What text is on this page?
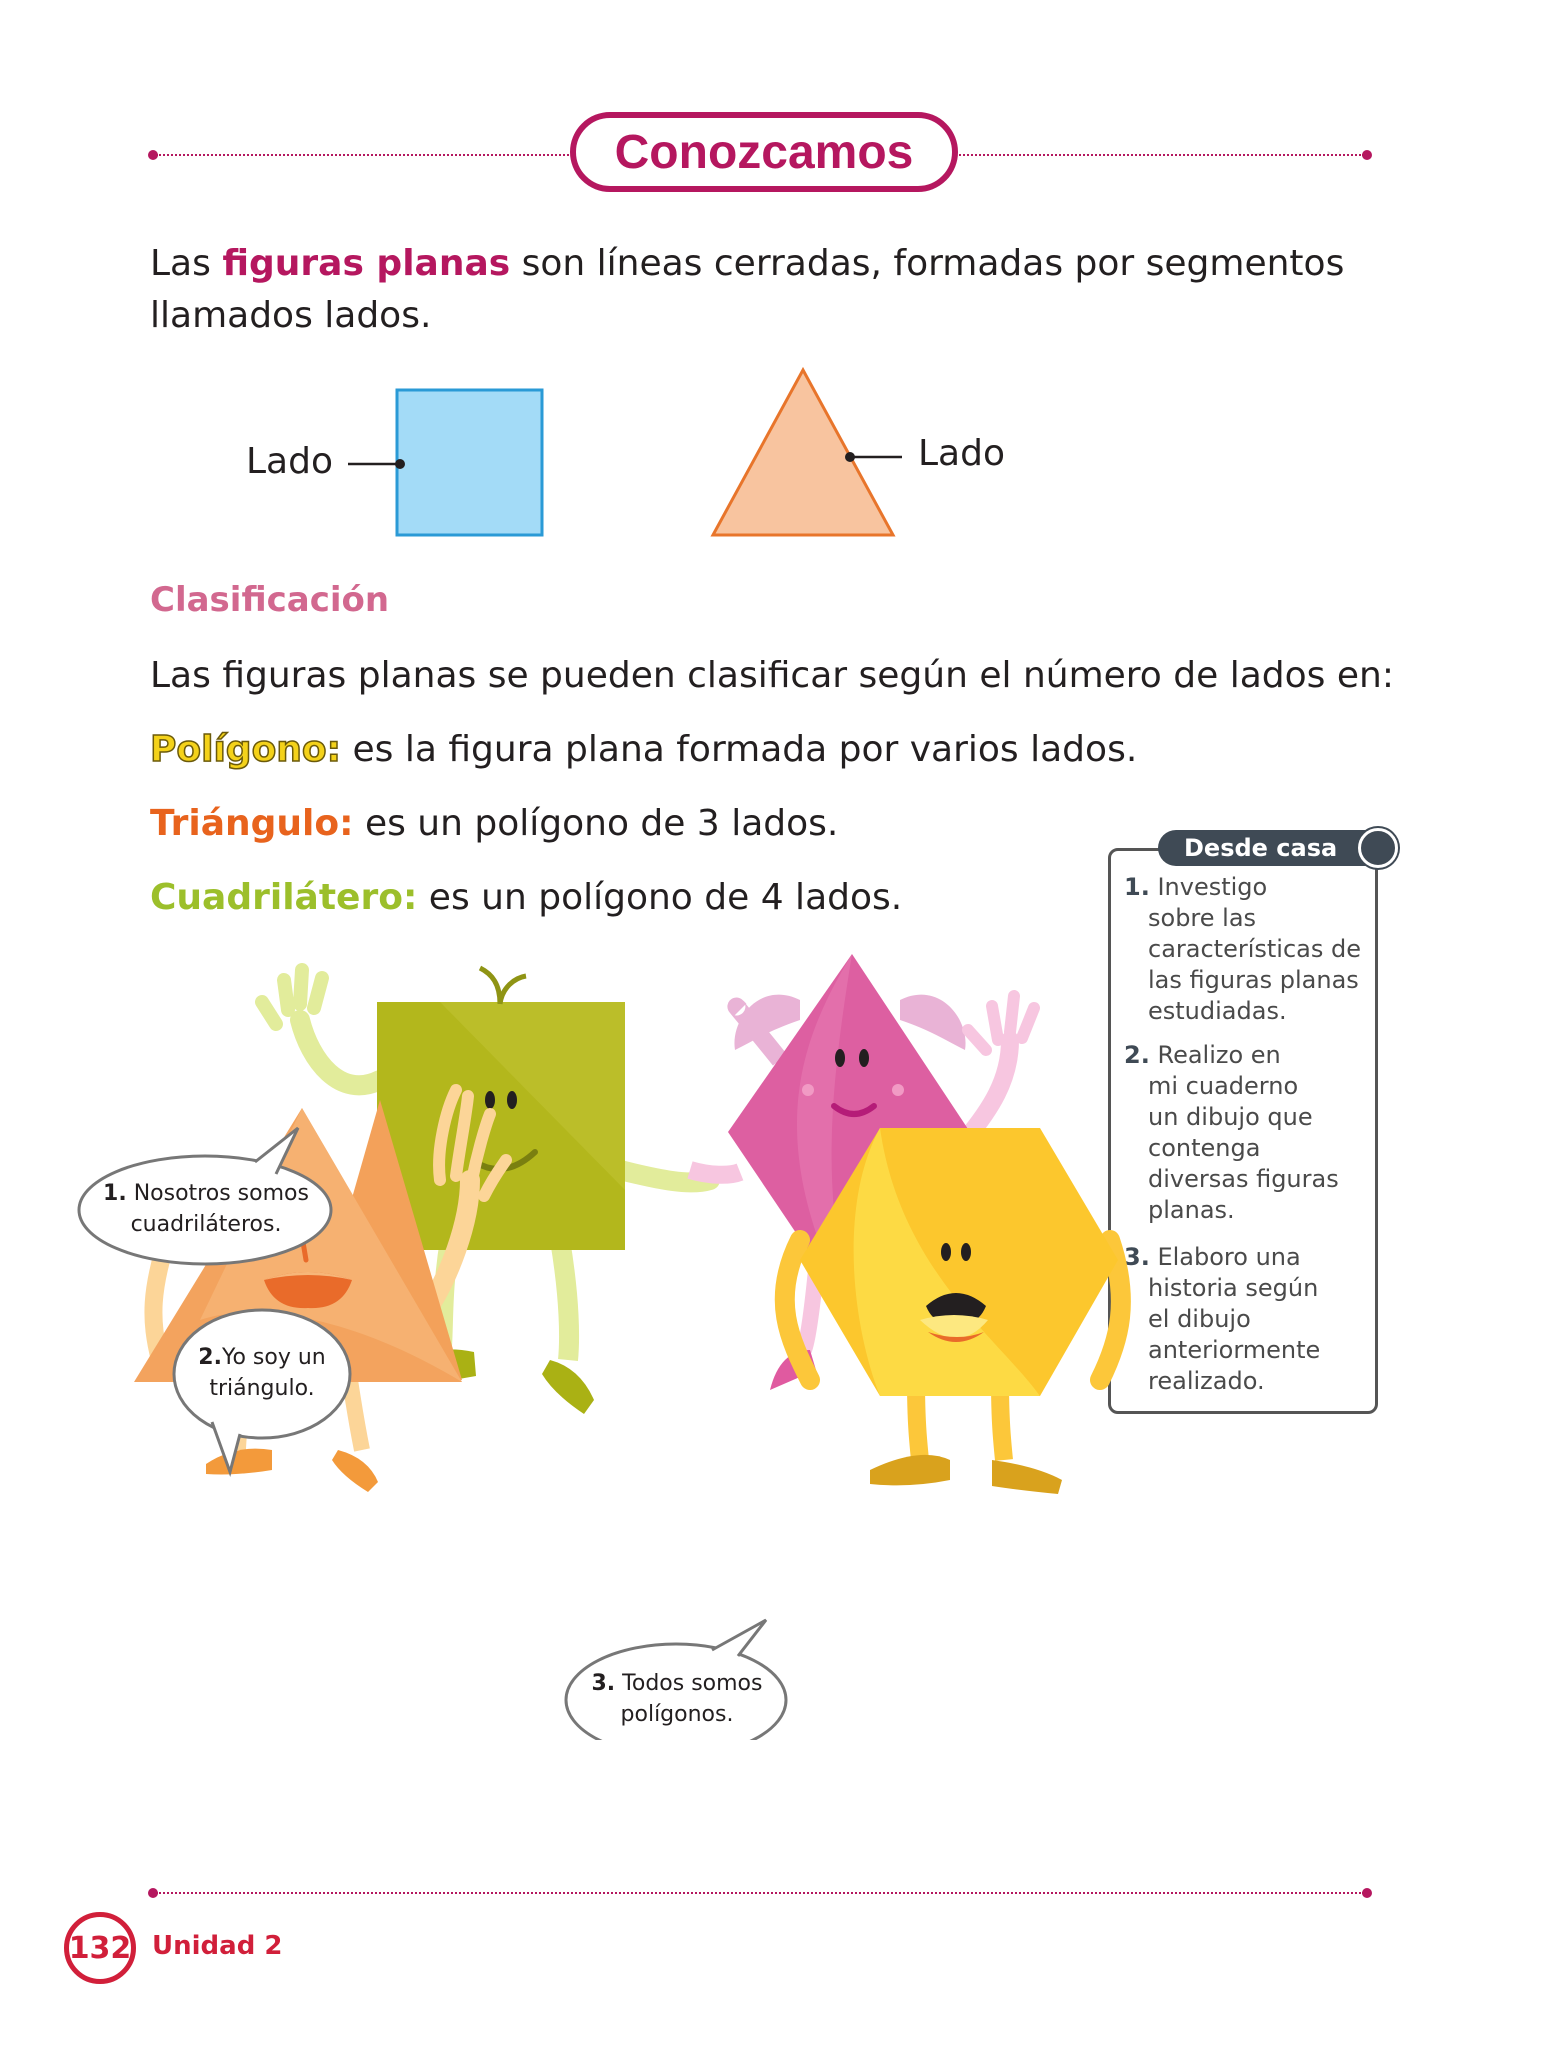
Conozcamos
Las figuras planas son líneas cerradas, formadas por segmentos
llamados lados.
Lado	Lado
Clasificación
Las figuras planas se pueden clasificar según el número de lados en:
Polígono: es la figura plana formada por varios lados.
Triángulo: es un polígono de 3 lados.
Cuadrilátero: es un polígono de 4 lados.
Desde casa
1. Investigo
sobre las
características de
las figuras planas
estudiadas.
2. Realizo en
mi cuaderno
un dibujo que
contenga
diversas figuras
planas.
3. Elaboro una
historia según
el dibujo
anteriormente
realizado.
1. Nosotros somos
cuadriláteros.
2.Yo soy un
triángulo.
3. Todos somos
polígonos.
132 Unidad 2
